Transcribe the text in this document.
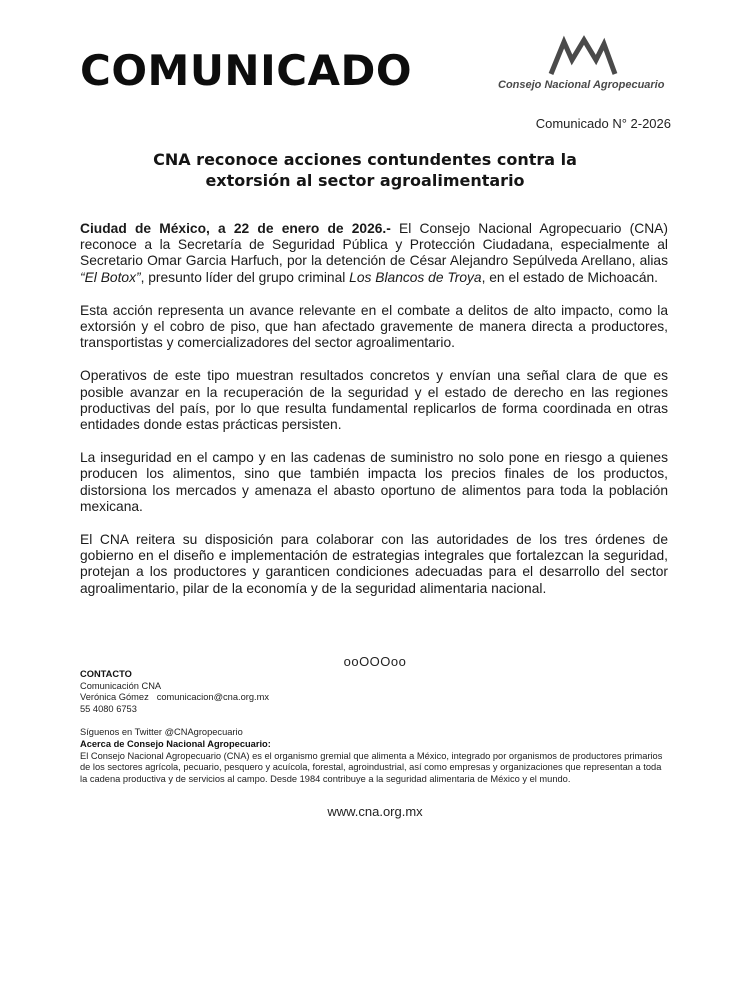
COMUNICADO	Consejo Nacional Agropecuario
Comunicado N° 2-2026
CNA reconoce acciones contundentes contra la
extorsión al sector agroalimentario

Ciudad de México, a 22 de enero de 2026.- El Consejo Nacional Agropecuario (CNA) reconoce a la Secretaría de Seguridad Pública y Protección Ciudadana, especialmente al Secretario Omar Garcia Harfuch, por la detención de César Alejandro Sepúlveda Arellano, alias “El Botox”, presunto líder del grupo criminal Los Blancos de Troya, en el estado de Michoacán.

Esta acción representa un avance relevante en el combate a delitos de alto impacto, como la extorsión y el cobro de piso, que han afectado gravemente de manera directa a productores, transportistas y comercializadores del sector agroalimentario.

Operativos de este tipo muestran resultados concretos y envían una señal clara de que es posible avanzar en la recuperación de la seguridad y el estado de derecho en las regiones productivas del país, por lo que resulta fundamental replicarlos de forma coordinada en otras entidades donde estas prácticas persisten.

La inseguridad en el campo y en las cadenas de suministro no solo pone en riesgo a quienes producen los alimentos, sino que también impacta los precios finales de los productos, distorsiona los mercados y amenaza el abasto oportuno de alimentos para toda la población mexicana.

El CNA reitera su disposición para colaborar con las autoridades de los tres órdenes de gobierno en el diseño e implementación de estrategias integrales que fortalezcan la seguridad, protejan a los productores y garanticen condiciones adecuadas para el desarrollo del sector agroalimentario, pilar de la economía y de la seguridad alimentaria nacional.

ooOOOoo
CONTACTO
Comunicación CNA
Verónica Gómez comunicacion@cna.org.mx
55 4080 6753
Síguenos en Twitter @CNAgropecuario
Acerca de Consejo Nacional Agropecuario:
El Consejo Nacional Agropecuario (CNA) es el organismo gremial que alimenta a México, integrado por organismos de productores primarios de los sectores agrícola, pecuario, pesquero y acuícola, forestal, agroindustrial, así como empresas y organizaciones que representan a toda la cadena productiva y de servicios al campo. Desde 1984 contribuye a la seguridad alimentaria de México y el mundo.
www.cna.org.mx
